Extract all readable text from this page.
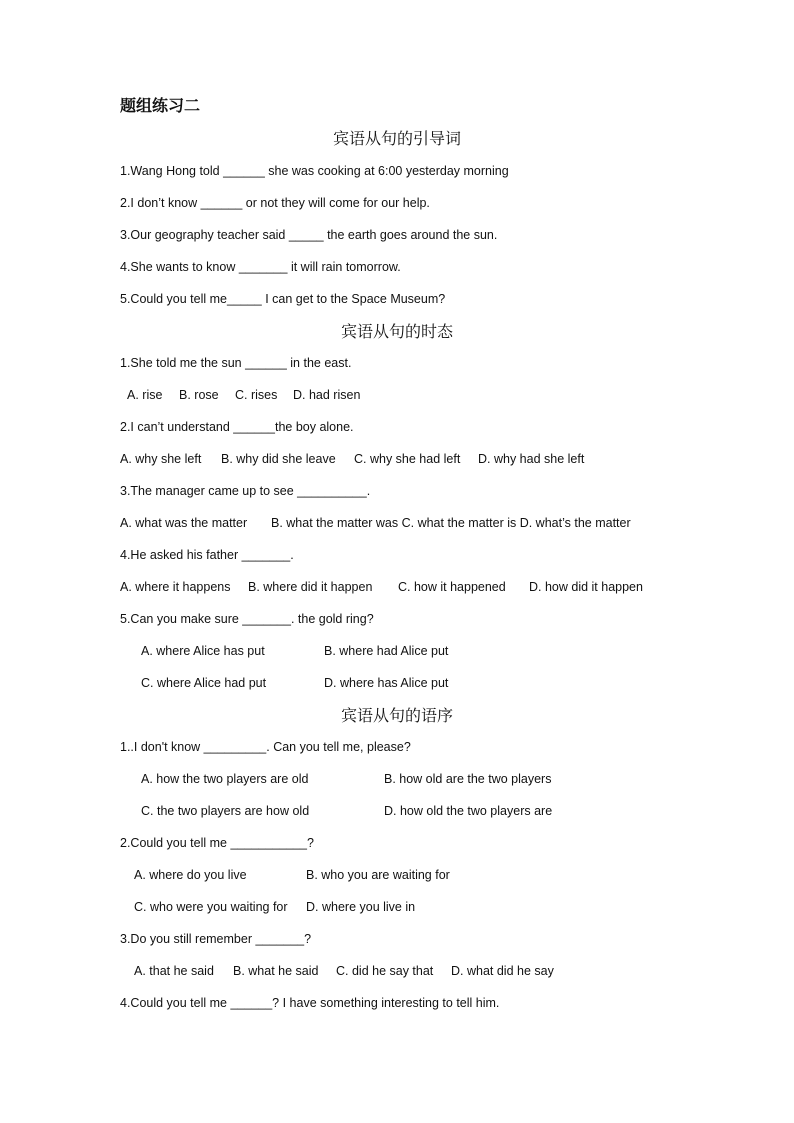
题组练习二
宾语从句的引导词
1.Wang Hong told ______ she was cooking at 6:00 yesterday morning
2.I don’t know ______ or not they will come for our help.
3.Our geography teacher said _____ the earth goes around the sun.
4.She wants to know _______ it will rain tomorrow.
5.Could you tell me_____ I can get to the Space Museum?
宾语从句的时态
1.She told me the sun ______ in the east.
A. rise B. rose C. rises D. had risen
2.I can’t understand ______the boy alone.
A. why she left B. why did she leave C. why she had left D. why had she left
3.The manager came up to see __________.
A. what was the matter B. what the matter was C. what the matter is D. what’s the matter
4.He asked his father _______.
A. where it happens B. where did it happen C. how it happened D. how did it happen
5.Can you make sure _______. the gold ring?
A. where Alice has put	B. where had Alice put
C. where Alice had put	D. where has Alice put
宾语从句的语序
1..I don't know _________. Can you tell me, please?
A. how the two players are old	B. how old are the two players
C. the two players are how old	D. how old the two players are
2.Could you tell me ___________?
A. where do you live	B. who you are waiting for
C. who were you waiting for D. where you live in
3.Do you still remember _______?
A. that he said B. what he said C. did he say that D. what did he say
4.Could you tell me ______? I have something interesting to tell him.
